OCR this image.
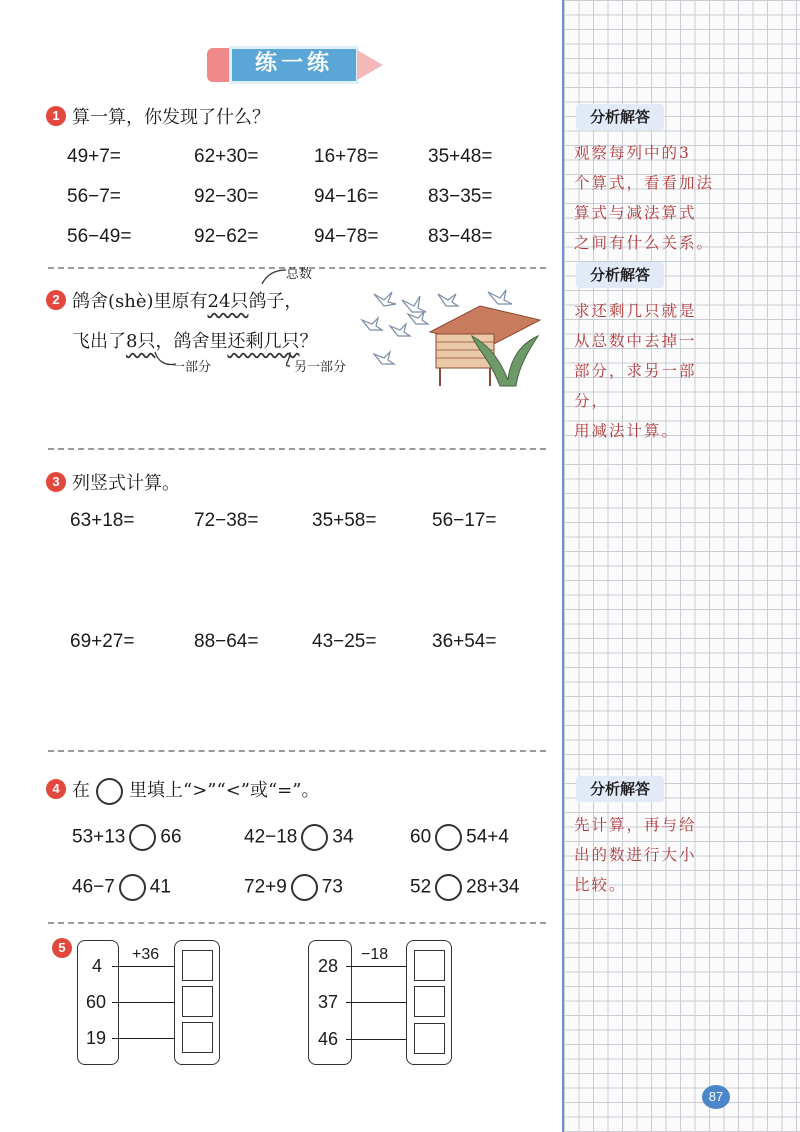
练一练
1 算一算，你发现了什么？
49+7=	62+30=	16+78=	35+48=
56−7=	92−30=	94−16=	83−35=
56−49=	92−62=	94−78=	83−48=
2 鸽舍(shè)里原有24只鸽子，
飞出了8只，鸽舍里还剩几只？
总数
一部分	另一部分
3 列竖式计算。
63+18=	72−38=	35+58=	56−17=
69+27=	88−64=	43−25=	36+54=
4 在 里填上“>”“<”或“=”。
53+13 66	42−18 34	60 54+4
46−7 41	72+9 73	52 28+34
5
4
60
19
+36
28
37
46
−18
分析解答
观察每列中的3
个算式，看看加法
算式与减法算式
之间有什么关系。
分析解答
求还剩几只就是
从总数中去掉一
部分，求另一部分，
用减法计算。
分析解答
先计算，再与给
出的数进行大小
比较。
87
